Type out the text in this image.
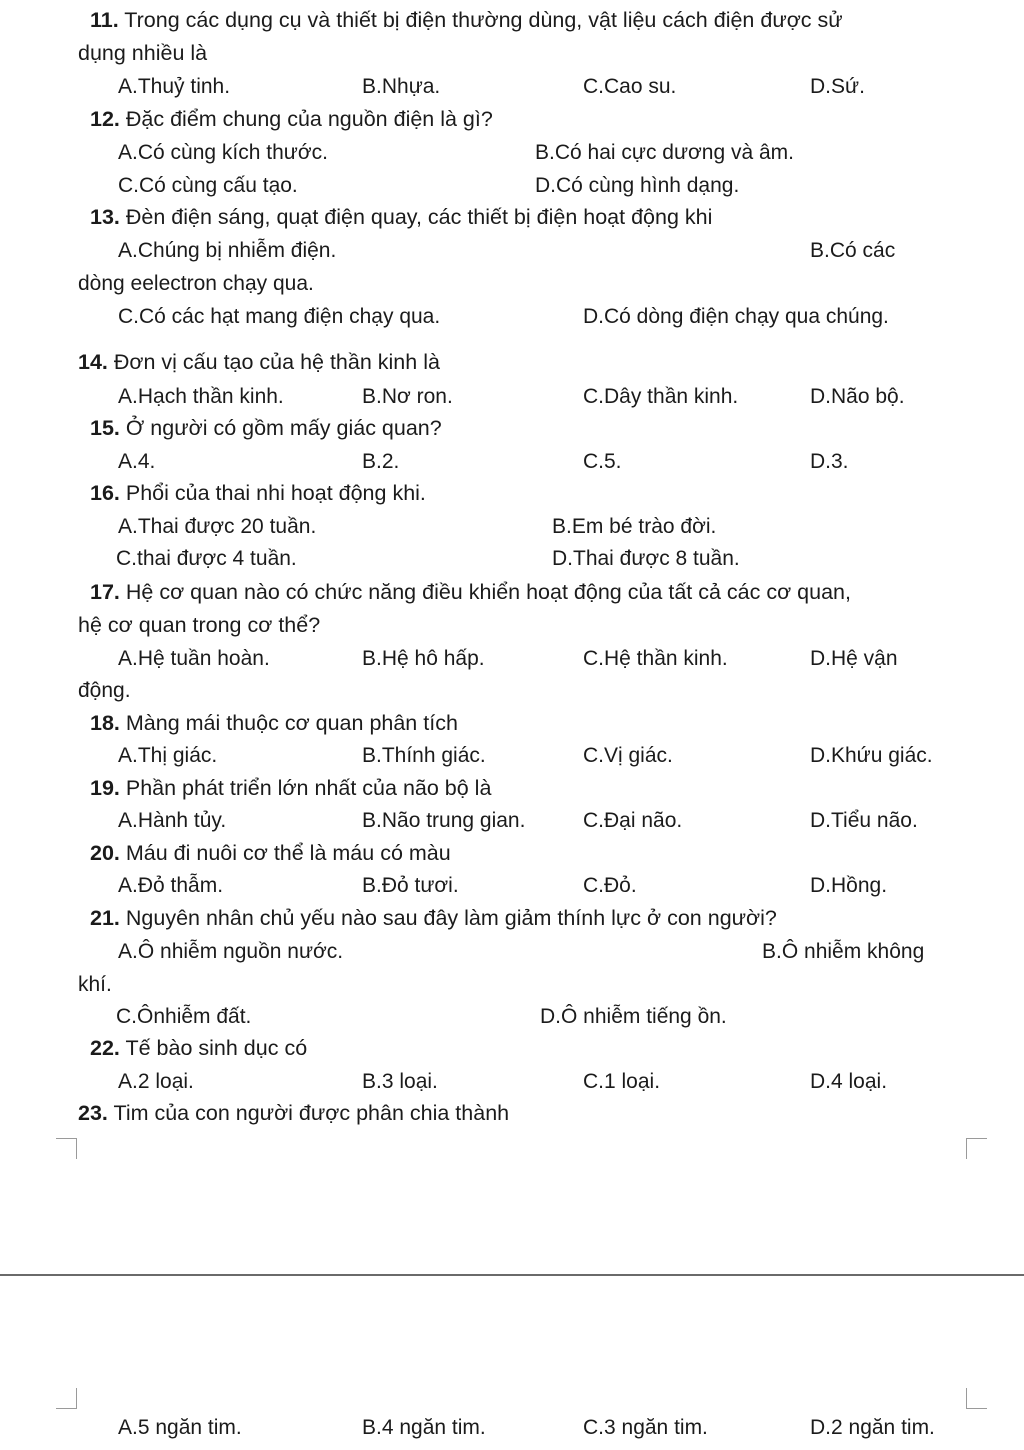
11. Trong các dụng cụ và thiết bị điện thường dùng, vật liệu cách điện được sử
dụng nhiều là
A.Thuỷ tinh.	B.Nhựa.	C.Cao su.	D.Sứ.
12. Đặc điểm chung của nguồn điện là gì?
A.Có cùng kích thước.	B.Có hai cực dương và âm.
C.Có cùng cấu tạo.	D.Có cùng hình dạng.
13. Đèn điện sáng, quạt điện quay, các thiết bị điện hoạt động khi
A.Chúng bị nhiễm điện.	B.Có các
dòng eelectron chạy qua.
C.Có các hạt mang điện chạy qua.	D.Có dòng điện chạy qua chúng.
14. Đơn vị cấu tạo của hệ thần kinh là
A.Hạch thần kinh.	B.Nơ ron.	C.Dây thần kinh.	D.Não bộ.
15. Ở người có gồm mấy giác quan?
A.4.	B.2.	C.5.	D.3.
16. Phổi của thai nhi hoạt động khi.
A.Thai được 20 tuần.	B.Em bé trào đời.
C.thai được 4 tuần.	D.Thai được 8 tuần.
17. Hệ cơ quan nào có chức năng điều khiển hoạt động của tất cả các cơ quan,
hệ cơ quan trong cơ thể?
A.Hệ tuần hoàn.	B.Hệ hô hấp.	C.Hệ thần kinh.	D.Hệ vận
động.
18. Màng mái thuộc cơ quan phân tích
A.Thị giác.	B.Thính giác.	C.Vị giác.	D.Khứu giác.
19. Phần phát triển lớn nhất của não bộ là
A.Hành tủy.	B.Não trung gian.	C.Đại não.	D.Tiểu não.
20. Máu đi nuôi cơ thể là máu có màu
A.Đỏ thẫm.	B.Đỏ tươi.	C.Đỏ.	D.Hồng.
21. Nguyên nhân chủ yếu nào sau đây làm giảm thính lực ở con người?
A.Ô nhiễm nguồn nước.	B.Ô nhiễm không
khí.
C.Ônhiễm đất.	D.Ô nhiễm tiếng ồn.
22. Tế bào sinh dục có
A.2 loại.	B.3 loại.	C.1 loại.	D.4 loại.
23. Tim của con người được phân chia thành
A.5 ngăn tim.	B.4 ngăn tim.	C.3 ngăn tim.	D.2 ngăn tim.
